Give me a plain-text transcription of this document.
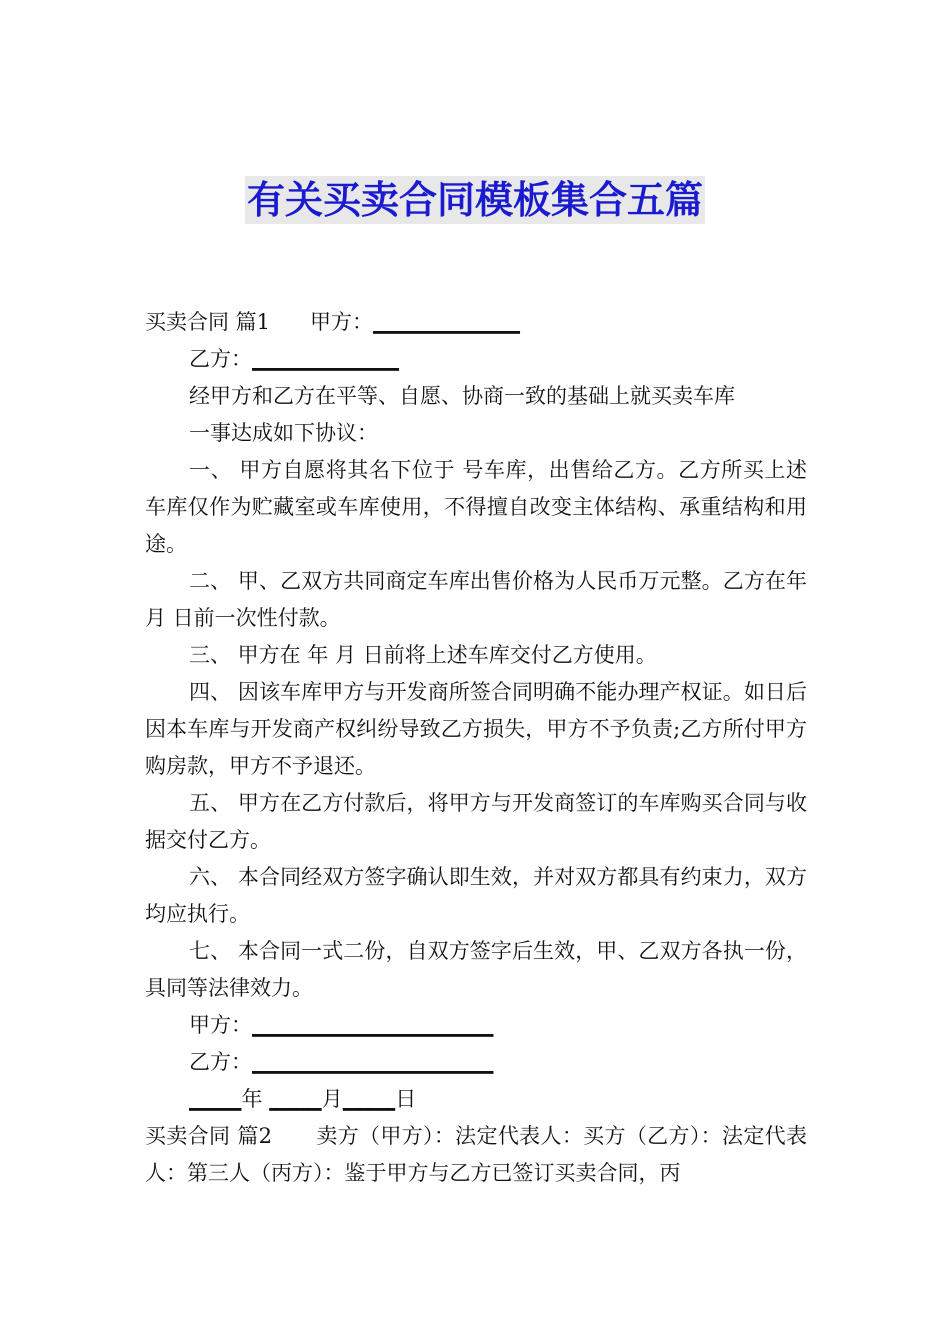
有关买卖合同模板集合五篇

买卖合同 篇1 甲方：______________

乙方：______________

经甲方和乙方在平等、自愿、协商一致的基础上就买卖车库

一事达成如下协议：

一、 甲方自愿将其名下位于 号车库，出售给乙方。乙方所买上述车库仅作为贮藏室或车库使用，不得擅自改变主体结构、承重结构和用途。

二、 甲、乙双方共同商定车库出售价格为人民币万元整。乙方在年 月 日前一次性付款。

三、 甲方在 年 月 日前将上述车库交付乙方使用。

四、 因该车库甲方与开发商所签合同明确不能办理产权证。如日后因本车库与开发商产权纠纷导致乙方损失，甲方不予负责;乙方所付甲方购房款，甲方不予退还。

五、 甲方在乙方付款后，将甲方与开发商签订的车库购买合同与收据交付乙方。

六、 本合同经双方签字确认即生效，并对双方都具有约束力，双方均应执行。

七、 本合同一式二份，自双方签字后生效，甲、乙双方各执一份，具同等法律效力。

甲方：_______________________

乙方：_______________________

_____年 _____月_____日

买卖合同 篇2 卖方（甲方）：法定代表人：买方（乙方）：法定代表人：第三人（丙方）：鉴于甲方与乙方已签订买卖合同，丙
